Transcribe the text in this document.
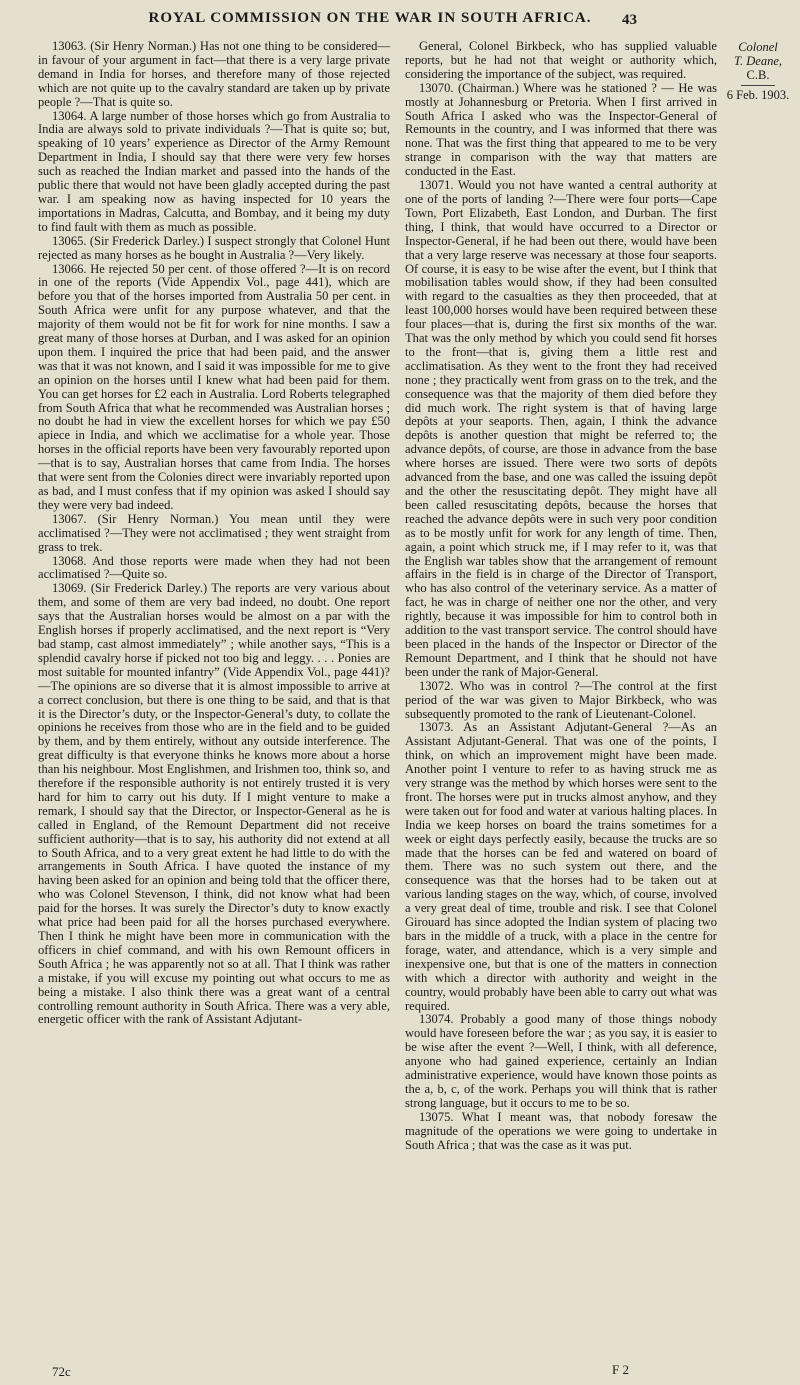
ROYAL COMMISSION ON THE WAR IN SOUTH AFRICA.	43

13063. (Sir Henry Norman.) Has not one thing to be considered—in favour of your argument in fact—that there is a very large private demand in India for horses, and therefore many of those rejected which are not quite up to the cavalry standard are taken up by private people ?—That is quite so.

13064. A large number of those horses which go from Australia to India are always sold to private individuals ?—That is quite so; but, speaking of 10 years’ experience as Director of the Army Remount Department in India, I should say that there were very few horses such as reached the Indian market and passed into the hands of the public there that would not have been gladly accepted during the past war. I am speaking now as having inspected for 10 years the importations in Madras, Calcutta, and Bombay, and it being my duty to find fault with them as much as possible.

13065. (Sir Frederick Darley.) I suspect strongly that Colonel Hunt rejected as many horses as he bought in Australia ?—Very likely.

13066. He rejected 50 per cent. of those offered ?—It is on record in one of the reports (Vide Appendix Vol., page 441), which are before you that of the horses imported from Australia 50 per cent. in South Africa were unfit for any purpose whatever, and that the majority of them would not be fit for work for nine months. I saw a great many of those horses at Durban, and I was asked for an opinion upon them. I inquired the price that had been paid, and the answer was that it was not known, and I said it was impossible for me to give an opinion on the horses until I knew what had been paid for them. You can get horses for £2 each in Australia. Lord Roberts telegraphed from South Africa that what he recommended was Australian horses ; no doubt he had in view the excellent horses for which we pay £50 apiece in India, and which we acclimatise for a whole year. Those horses in the official reports have been very favourably reported upon—that is to say, Australian horses that came from India. The horses that were sent from the Colonies direct were invariably reported upon as bad, and I must confess that if my opinion was asked I should say they were very bad indeed.

13067. (Sir Henry Norman.) You mean until they were acclimatised ?—They were not acclimatised ; they went straight from grass to trek.

13068. And those reports were made when they had not been acclimatised ?—Quite so.

13069. (Sir Frederick Darley.) The reports are very various about them, and some of them are very bad indeed, no doubt. One report says that the Australian horses would be almost on a par with the English horses if properly acclimatised, and the next report is “Very bad stamp, cast almost immediately” ; while another says, “This is a splendid cavalry horse if picked not too big and leggy. . . . Ponies are most suitable for mounted infantry” (Vide Appendix Vol., page 441)?—The opinions are so diverse that it is almost impossible to arrive at a correct conclusion, but there is one thing to be said, and that is that it is the Director’s duty, or the Inspector-General’s duty, to collate the opinions he receives from those who are in the field and to be guided by them, and by them entirely, without any outside interference. The great difficulty is that everyone thinks he knows more about a horse than his neighbour. Most Englishmen, and Irishmen too, think so, and therefore if the responsible authority is not entirely trusted it is very hard for him to carry out his duty. If I might venture to make a remark, I should say that the Director, or Inspector-General as he is called in England, of the Remount Department did not receive sufficient authority—that is to say, his authority did not extend at all to South Africa, and to a very great extent he had little to do with the arrangements in South Africa. I have quoted the instance of my having been asked for an opinion and being told that the officer there, who was Colonel Stevenson, I think, did not know what had been paid for the horses. It was surely the Director’s duty to know exactly what price had been paid for all the horses purchased everywhere. Then I think he might have been more in communication with the officers in chief command, and with his own Remount officers in South Africa ; he was apparently not so at all. That I think was rather a mistake, if you will excuse my pointing out what occurs to me as being a mistake. I also think there was a great want of a central controlling remount authority in South Africa. There was a very able, energetic officer with the rank of Assistant Adjutant-

General, Colonel Birkbeck, who has supplied valuable reports, but he had not that weight or authority which, considering the importance of the subject, was required.

13070. (Chairman.) Where was he stationed ? — He was mostly at Johannesburg or Pretoria. When I first arrived in South Africa I asked who was the Inspector-General of Remounts in the country, and I was informed that there was none. That was the first thing that appeared to me to be very strange in comparison with the way that matters are conducted in the East.

13071. Would you not have wanted a central authority at one of the ports of landing ?—There were four ports—Cape Town, Port Elizabeth, East London, and Durban. The first thing, I think, that would have occurred to a Director or Inspector-General, if he had been out there, would have been that a very large reserve was necessary at those four seaports. Of course, it is easy to be wise after the event, but I think that mobilisation tables would show, if they had been consulted with regard to the casualties as they then proceeded, that at least 100,000 horses would have been required between these four places—that is, during the first six months of the war. That was the only method by which you could send fit horses to the front—that is, giving them a little rest and acclimatisation. As they went to the front they had received none ; they practically went from grass on to the trek, and the consequence was that the majority of them died before they did much work. The right system is that of having large depôts at your seaports. Then, again, I think the advance depôts is another question that might be referred to; the advance depôts, of course, are those in advance from the base where horses are issued. There were two sorts of depôts advanced from the base, and one was called the issuing depôt and the other the resuscitating depôt. They might have all been called resuscitating depôts, because the horses that reached the advance depôts were in such very poor condition as to be mostly unfit for work for any length of time. Then, again, a point which struck me, if I may refer to it, was that the English war tables show that the arrangement of remount affairs in the field is in charge of the Director of Transport, who has also control of the veterinary service. As a matter of fact, he was in charge of neither one nor the other, and very rightly, because it was impossible for him to control both in addition to the vast transport service. The control should have been placed in the hands of the Inspector or Director of the Remount Department, and I think that he should not have been under the rank of Major-General.

13072. Who was in control ?—The control at the first period of the war was given to Major Birkbeck, who was subsequently promoted to the rank of Lieutenant-Colonel.

13073. As an Assistant Adjutant-General ?—As an Assistant Adjutant-General. That was one of the points, I think, on which an improvement might have been made. Another point I venture to refer to as having struck me as very strange was the method by which horses were sent to the front. The horses were put in trucks almost anyhow, and they were taken out for food and water at various halting places. In India we keep horses on board the trains sometimes for a week or eight days perfectly easily, because the trucks are so made that the horses can be fed and watered on board of them. There was no such system out there, and the consequence was that the horses had to be taken out at various landing stages on the way, which, of course, involved a very great deal of time, trouble and risk. I see that Colonel Girouard has since adopted the Indian system of placing two bars in the middle of a truck, with a place in the centre for forage, water, and attendance, which is a very simple and inexpensive one, but that is one of the matters in connection with which a director with authority and weight in the country, would probably have been able to carry out what was required.

13074. Probably a good many of those things nobody would have foreseen before the war ; as you say, it is easier to be wise after the event ?—Well, I think, with all deference, anyone who had gained experience, certainly an Indian administrative experience, would have known those points as the a, b, c, of the work. Perhaps you will think that is rather strong language, but it occurs to me to be so.

13075. What I meant was, that nobody foresaw the magnitude of the operations we were going to undertake in South Africa ; that was the case as it was put.

Colonel
T. Deane,
C.B.
6 Feb. 1903.
72c	F 2
